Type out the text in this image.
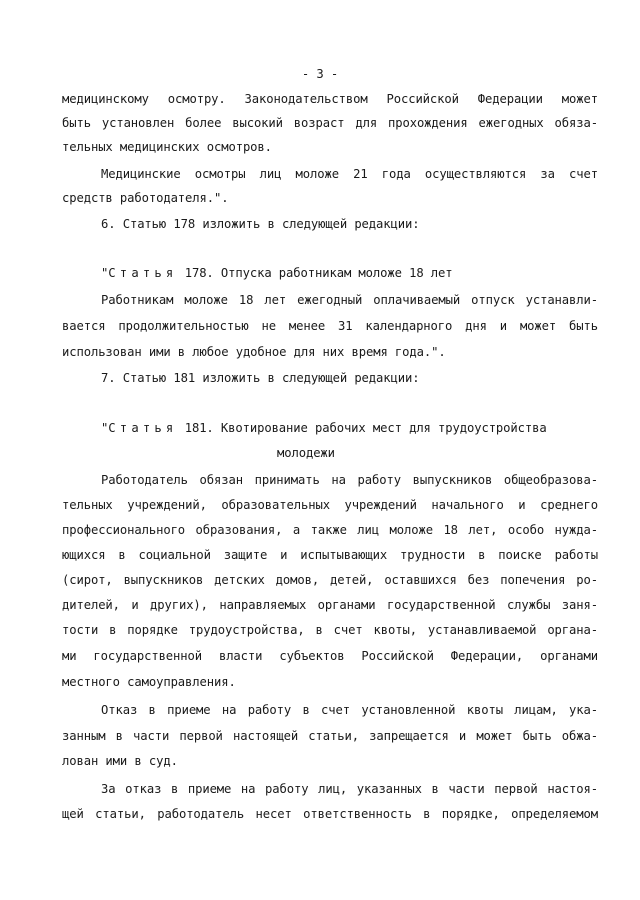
- 3 -
медицинскому осмотру. Законодательством Российской Федерации может
быть установлен более высокий возраст для прохождения ежегодных обяза-
тельных медицинских осмотров.
Медицинские осмотры лиц моложе 21 года осуществляются за счет
средств работодателя.".
6. Статью 178 изложить в следующей редакции:
"Статья 178. Отпуска работникам моложе 18 лет
Работникам моложе 18 лет ежегодный оплачиваемый отпуск устанавли-
вается продолжительностью не менее 31 календарного дня и может быть
использован ими в любое удобное для них время года.".
7. Статью 181 изложить в следующей редакции:
"Статья 181. Квотирование рабочих мест для трудоустройства
молодежи
Работодатель обязан принимать на работу выпускников общеобразова-
тельных учреждений, образовательных учреждений начального и среднего
профессионального образования, а также лиц моложе 18 лет, особо нужда-
ющихся в социальной защите и испытывающих трудности в поиске работы
(сирот, выпускников детских домов, детей, оставшихся без попечения ро-
дителей, и других), направляемых органами государственной службы заня-
тости в порядке трудоустройства, в счет квоты, устанавливаемой органа-
ми государственной власти субъектов Российской Федерации, органами
местного самоуправления.
Отказ в приеме на работу в счет установленной квоты лицам, ука-
занным в части первой настоящей статьи, запрещается и может быть обжа-
лован ими в суд.
За отказ в приеме на работу лиц, указанных в части первой настоя-
щей статьи, работодатель несет ответственность в порядке, определяемом
